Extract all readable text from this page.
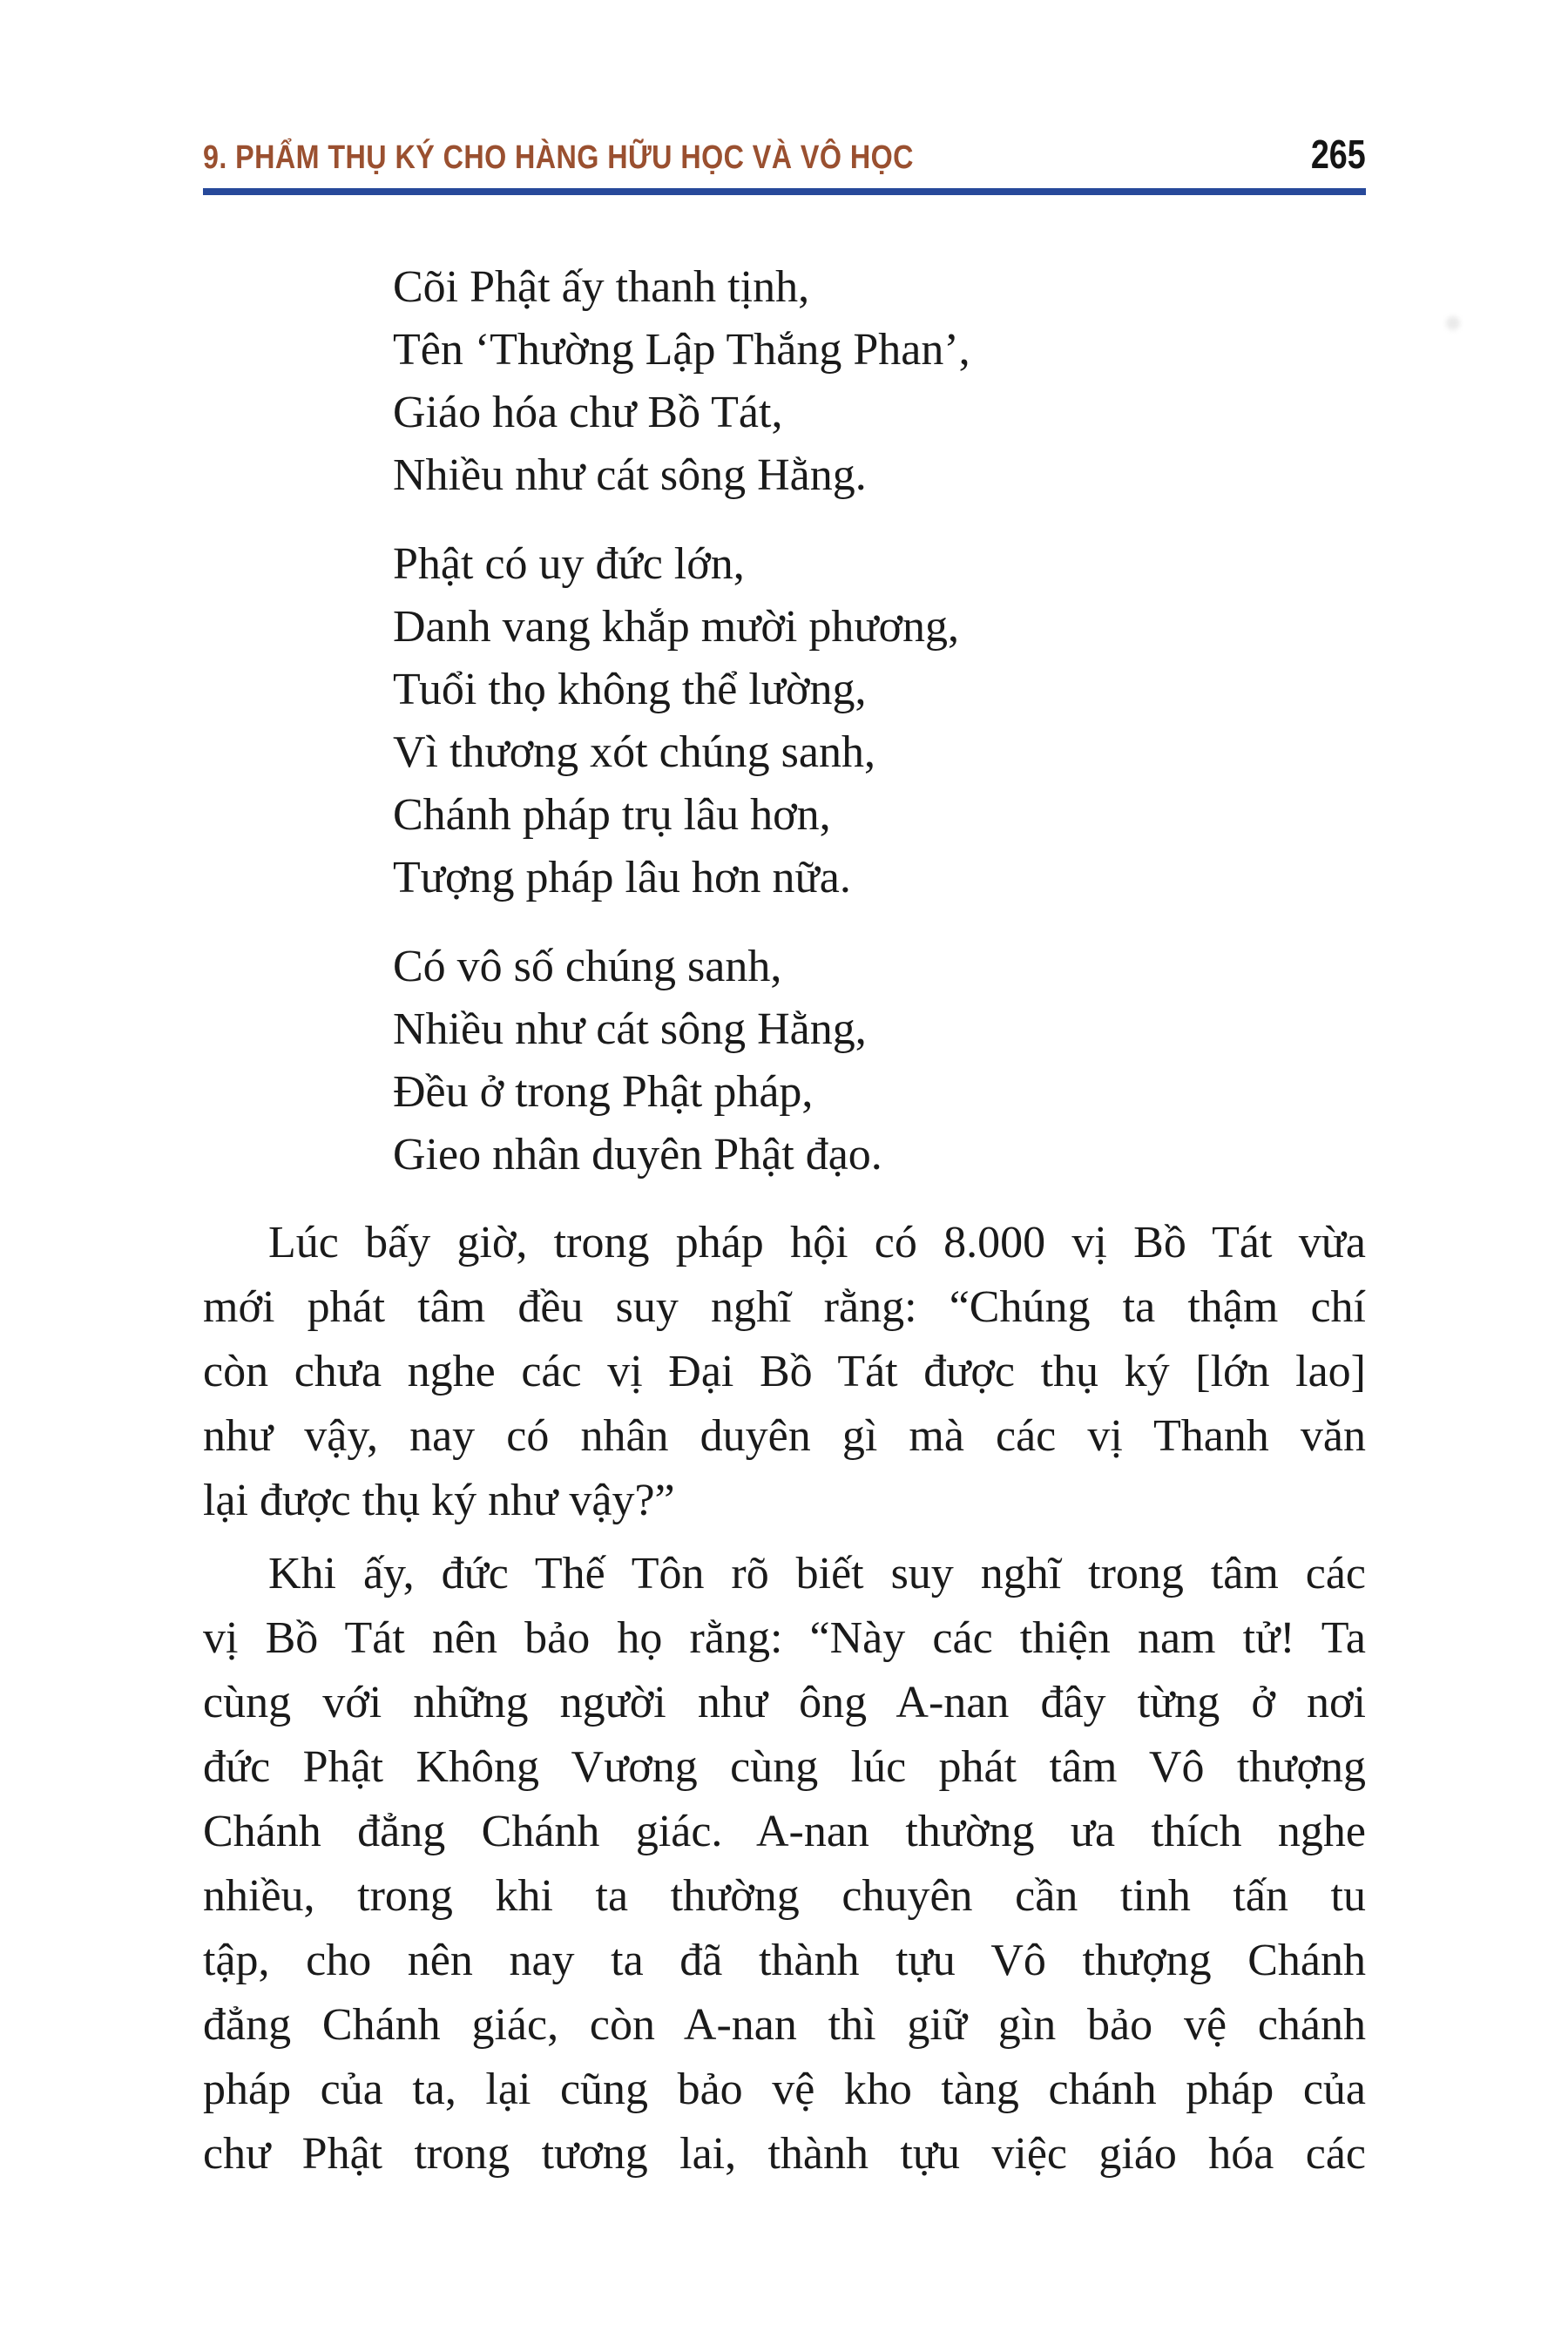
9. PHẨM THỤ KÝ CHO HÀNG HỮU HỌC VÀ VÔ HỌC	265
Cõi Phật ấy thanh tịnh,
Tên ‘Thường Lập Thắng Phan’,
Giáo hóa chư Bồ Tát,
Nhiều như cát sông Hằng.
Phật có uy đức lớn,
Danh vang khắp mười phương,
Tuổi thọ không thể lường,
Vì thương xót chúng sanh,
Chánh pháp trụ lâu hơn,
Tượng pháp lâu hơn nữa.
Có vô số chúng sanh,
Nhiều như cát sông Hằng,
Đều ở trong Phật pháp,
Gieo nhân duyên Phật đạo.
Lúc bấy giờ, trong pháp hội có 8.000 vị Bồ Tát vừa
mới phát tâm đều suy nghĩ rằng: “Chúng ta thậm chí
còn chưa nghe các vị Đại Bồ Tát được thụ ký [lớn lao]
như vậy, nay có nhân duyên gì mà các vị Thanh văn
lại được thụ ký như vậy?”
Khi ấy, đức Thế Tôn rõ biết suy nghĩ trong tâm các
vị Bồ Tát nên bảo họ rằng: “Này các thiện nam tử! Ta
cùng với những người như ông A-nan đây từng ở nơi
đức Phật Không Vương cùng lúc phát tâm Vô thượng
Chánh đẳng Chánh giác. A-nan thường ưa thích nghe
nhiều, trong khi ta thường chuyên cần tinh tấn tu
tập, cho nên nay ta đã thành tựu Vô thượng Chánh
đẳng Chánh giác, còn A-nan thì giữ gìn bảo vệ chánh
pháp của ta, lại cũng bảo vệ kho tàng chánh pháp của
chư Phật trong tương lai, thành tựu việc giáo hóa các
